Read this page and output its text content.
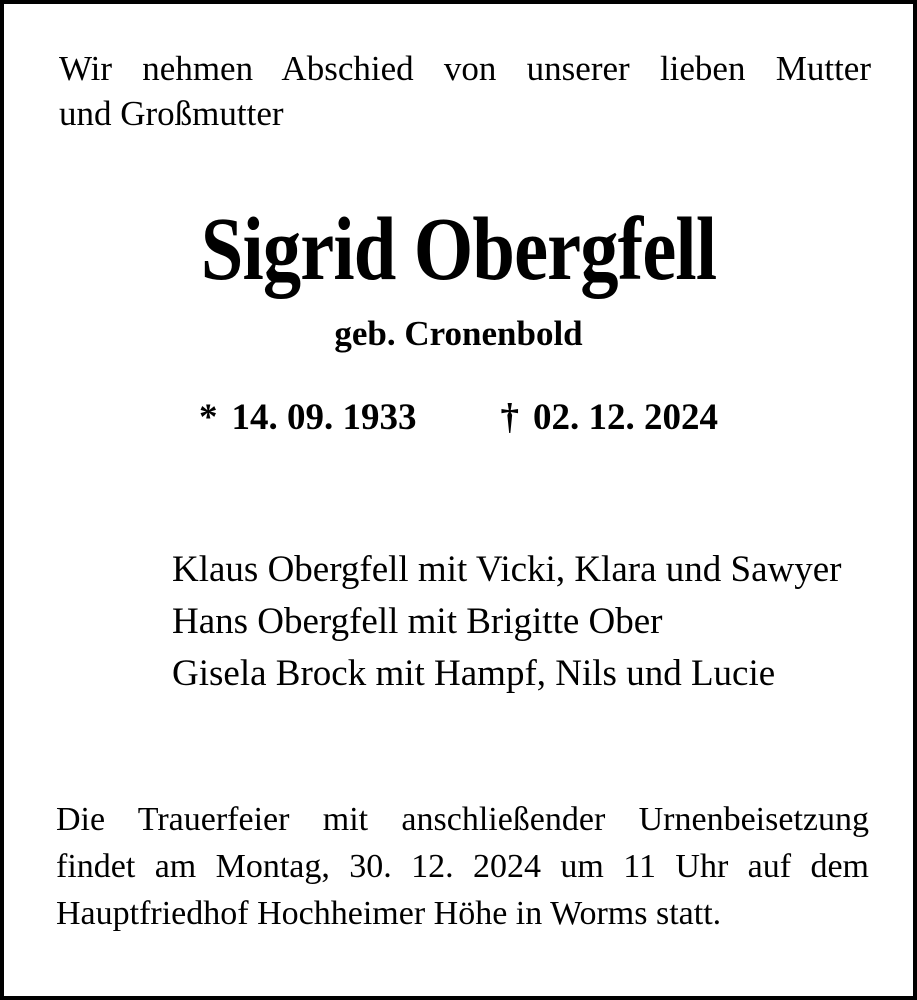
Wir nehmen Abschied von unserer lieben Mutter
und Großmutter
Sigrid Obergfell
geb. Cronenbold
* 14. 09. 1933 † 02. 12. 2024
Klaus Obergfell mit Vicki, Klara und Sawyer
Hans Obergfell mit Brigitte Ober
Gisela Brock mit Hampf, Nils und Lucie
Die Trauerfeier mit anschließender Urnenbeisetzung
findet am Montag, 30. 12. 2024 um 11 Uhr auf dem
Hauptfriedhof Hochheimer Höhe in Worms statt.
